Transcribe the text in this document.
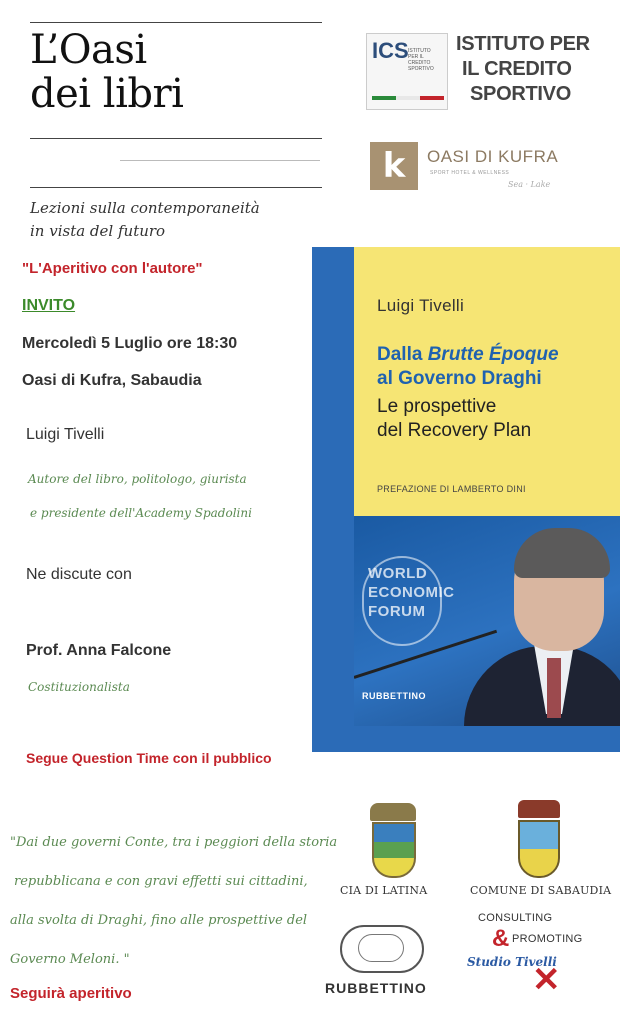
L’Oasi
dei libri
Lezioni sulla contemporaneità
in vista del futuro
ICS ISTITUTO PER IL CREDITO SPORTIVO
ISTITUTO PER
IL CREDITO
SPORTIVO
k	OASI DI KUFRA
SPORT HOTEL & WELLNESS
Sea · Lake
"L'Aperitivo con l'autore"
INVITO
Mercoledì 5 Luglio ore 18:30
Oasi di Kufra, Sabaudia
Luigi Tivelli
Autore del libro, politologo, giurista
e presidente dell'Academy Spadolini
Ne discute con
Prof. Anna Falcone
Costituzionalista
Segue Question Time con il pubblico
"Dai due governi Conte, tra i peggiori della storia
repubblicana e con gravi effetti sui cittadini,
alla svolta di Draghi, fino alle prospettive del
Governo Meloni. "
Seguirà aperitivo
Luigi Tivelli
Dalla Brutte Époque
al Governo Draghi
Le prospettive
del Recovery Plan
PREFAZIONE DI LAMBERTO DINI
WORLD
ECONOMIC
FORUM
RUBBETTINO
CIA DI LATINA	COMUNE DI SABAUDIA
RUBBETTINO
CONSULTING
& PROMOTING
Studio Tivelli
✕
